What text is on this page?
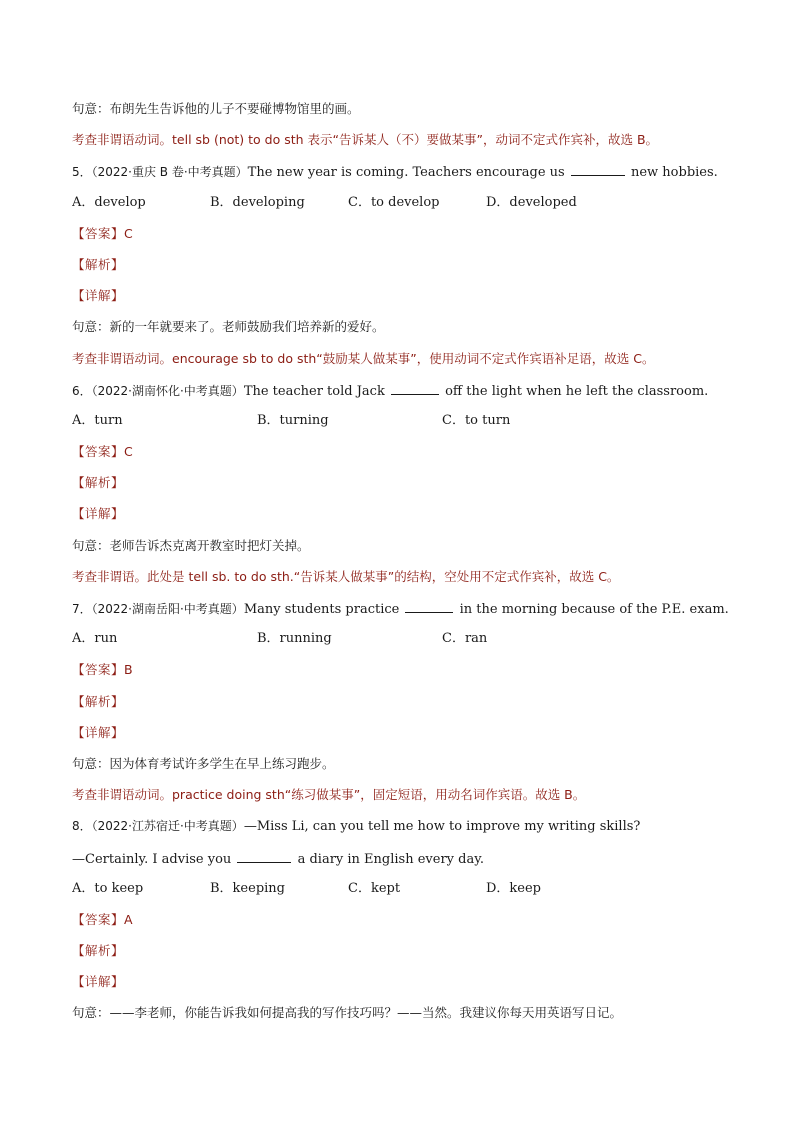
句意：布朗先生告诉他的儿子不要碰博物馆里的画。
考查非谓语动词。tell sb (not) to do sth 表示“告诉某人（不）要做某事”，动词不定式作宾补，故选 B。
5．（2022·重庆 B 卷·中考真题）The new year is coming. Teachers encourage us	new hobbies.
A．develop	B．developing	C．to develop	D．developed
【答案】C
【解析】
【详解】
句意：新的一年就要来了。老师鼓励我们培养新的爱好。
考查非谓语动词。encourage sb to do sth“鼓励某人做某事”，使用动词不定式作宾语补足语，故选 C。
6．（2022·湖南怀化·中考真题）The teacher told Jack	off the light when he left the classroom.
A．turn	B．turning	C．to turn
【答案】C
【解析】
【详解】
句意：老师告诉杰克离开教室时把灯关掉。
考查非谓语。此处是 tell sb. to do sth.“告诉某人做某事”的结构，空处用不定式作宾补，故选 C。
7．（2022·湖南岳阳·中考真题）Many students practice	in the morning because of the P.E. exam.
A．run	B．running	C．ran
【答案】B
【解析】
【详解】
句意：因为体育考试许多学生在早上练习跑步。
考查非谓语动词。practice doing sth“练习做某事”，固定短语，用动名词作宾语。故选 B。
8．（2022·江苏宿迁·中考真题）—Miss Li, can you tell me how to improve my writing skills?
—Certainly. I advise you	a diary in English every day.
A．to keep	B．keeping	C．kept	D．keep
【答案】A
【解析】
【详解】
句意：——李老师，你能告诉我如何提高我的写作技巧吗？——当然。我建议你每天用英语写日记。
